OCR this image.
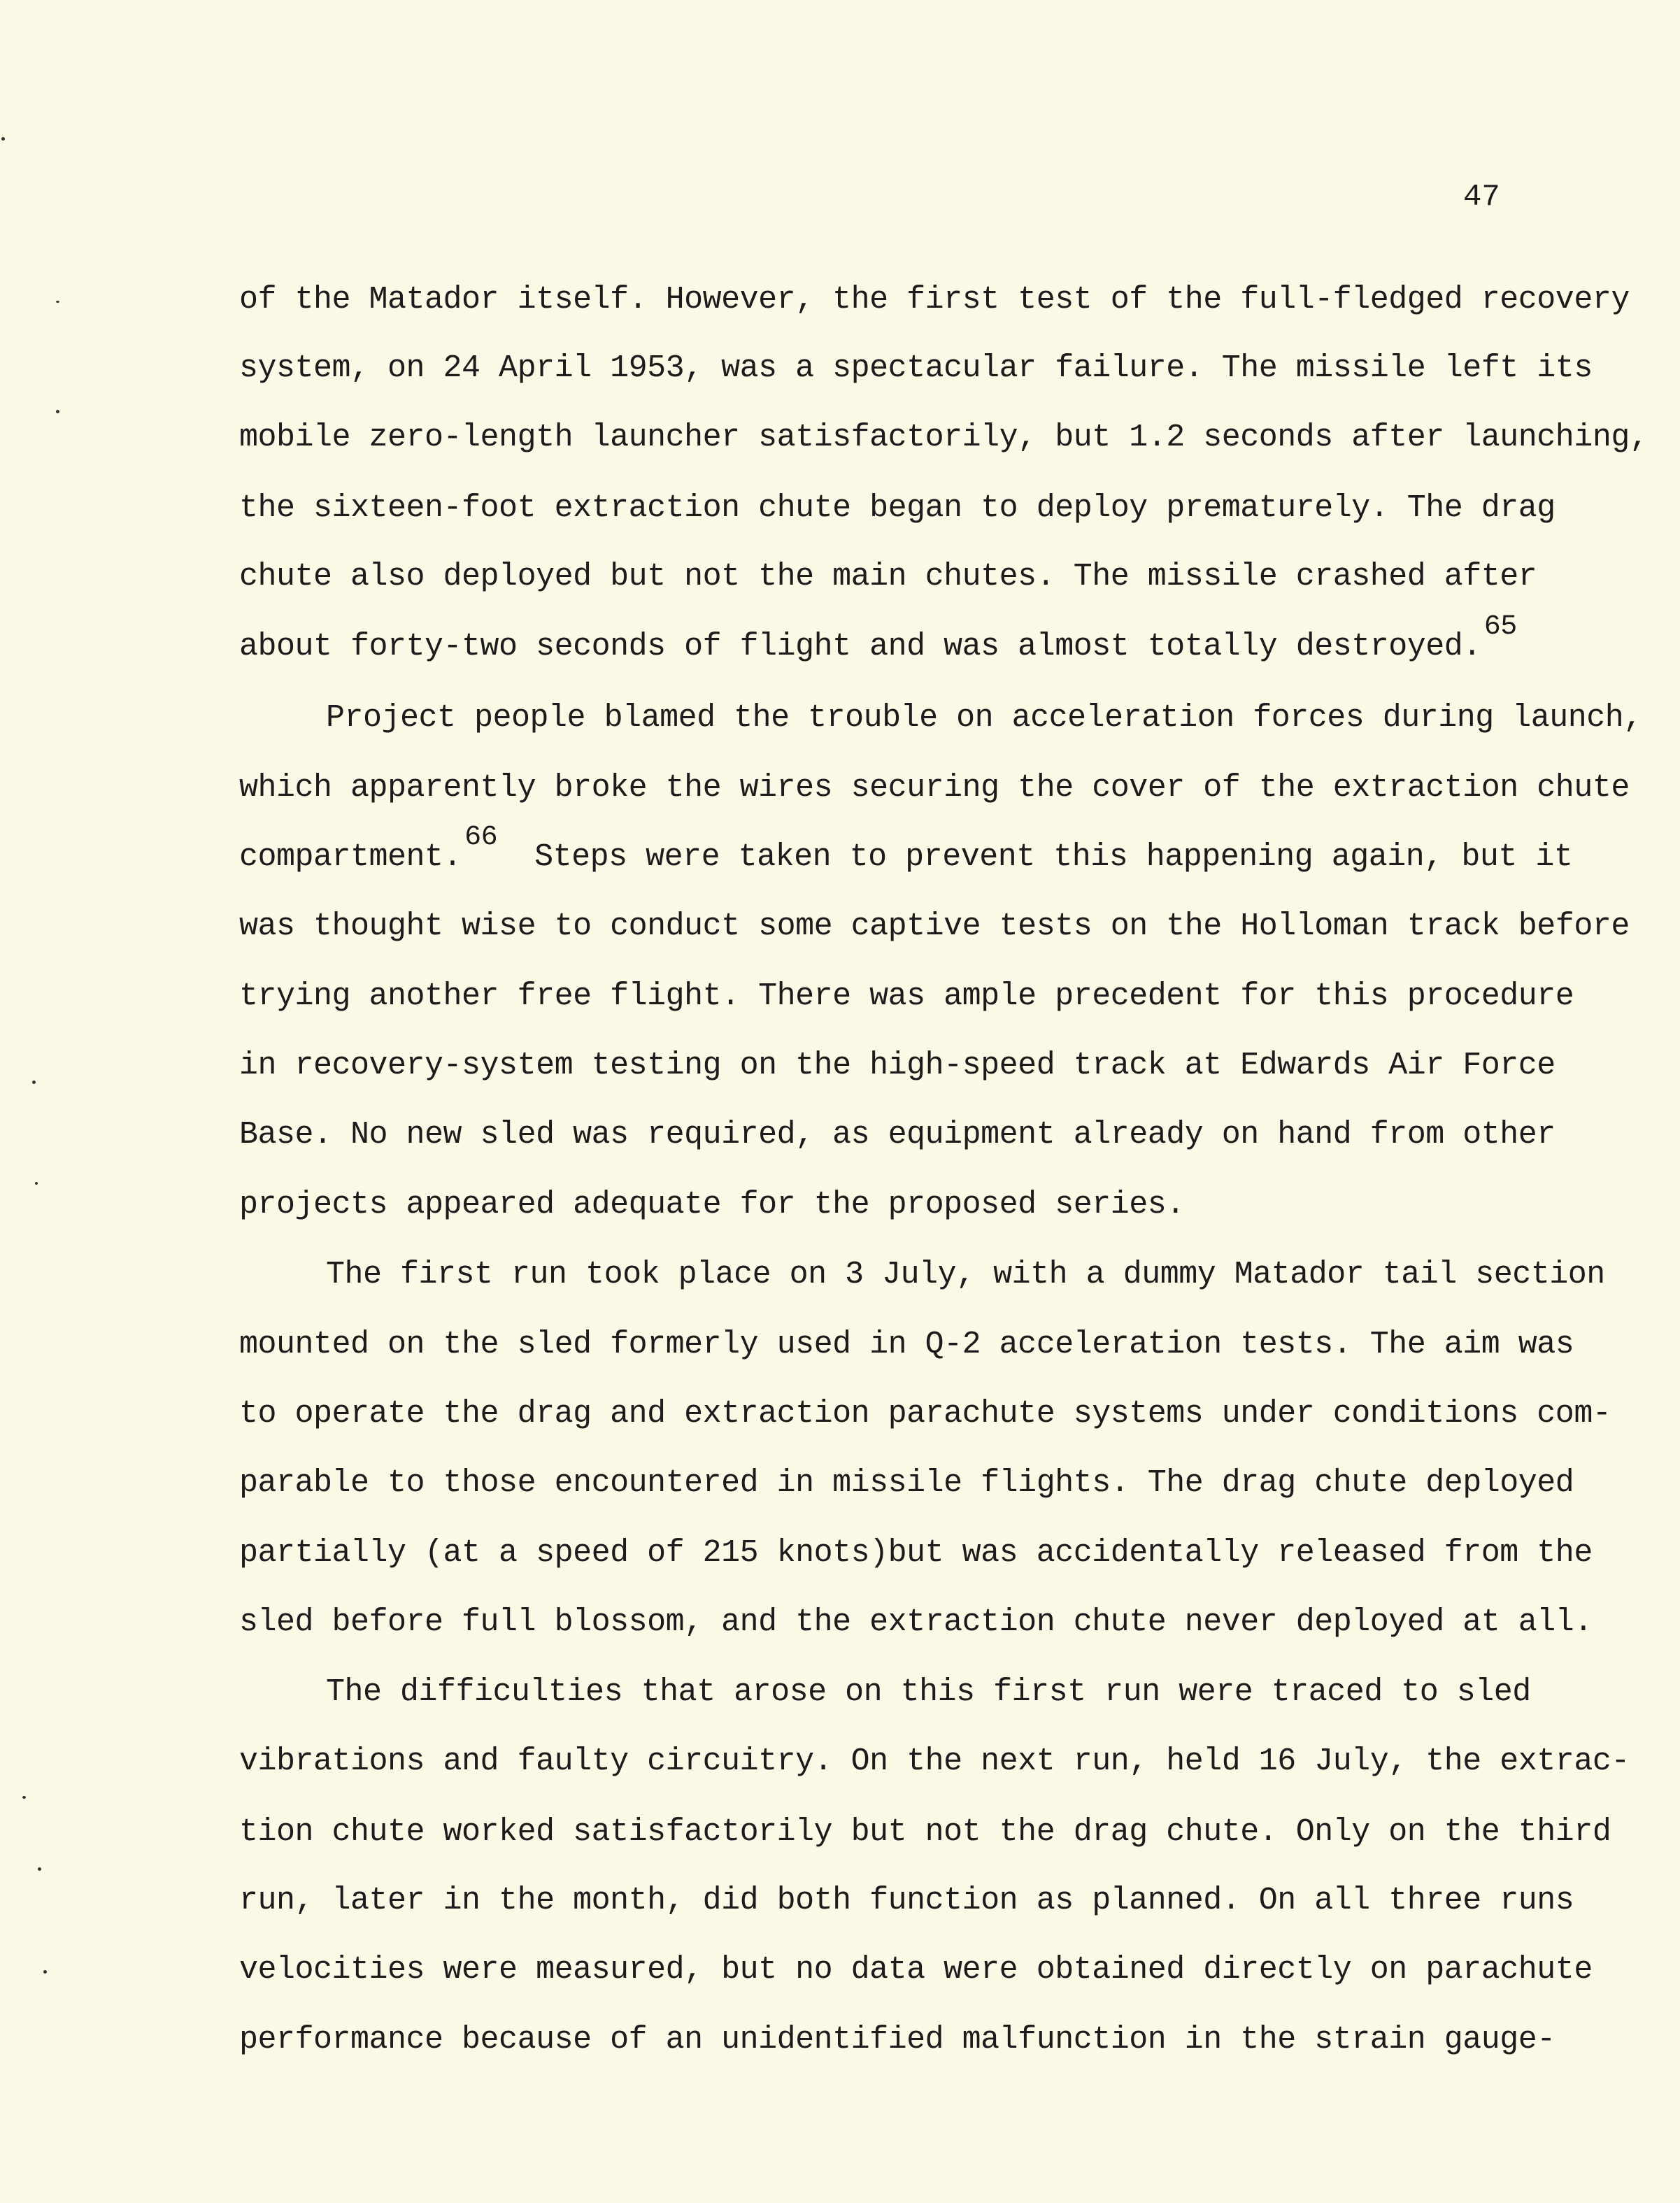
47
of the Matador itself. However, the first test of the full-fledged recovery
system, on 24 April 1953, was a spectacular failure. The missile left its
mobile zero-length launcher satisfactorily, but 1.2 seconds after launching,
the sixteen-foot extraction chute began to deploy prematurely. The drag
chute also deployed but not the main chutes. The missile crashed after
about forty-two seconds of flight and was almost totally destroyed.65
Project people blamed the trouble on acceleration forces during launch,
which apparently broke the wires securing the cover of the extraction chute
compartment.66  Steps were taken to prevent this happening again, but it
was thought wise to conduct some captive tests on the Holloman track before
trying another free flight. There was ample precedent for this procedure
in recovery-system testing on the high-speed track at Edwards Air Force
Base. No new sled was required, as equipment already on hand from other
projects appeared adequate for the proposed series.
The first run took place on 3 July, with a dummy Matador tail section
mounted on the sled formerly used in Q-2 acceleration tests. The aim was
to operate the drag and extraction parachute systems under conditions com-
parable to those encountered in missile flights. The drag chute deployed
partially (at a speed of 215 knots)but was accidentally released from the
sled before full blossom, and the extraction chute never deployed at all.
The difficulties that arose on this first run were traced to sled
vibrations and faulty circuitry. On the next run, held 16 July, the extrac-
tion chute worked satisfactorily but not the drag chute. Only on the third
run, later in the month, did both function as planned. On all three runs
velocities were measured, but no data were obtained directly on parachute
performance because of an unidentified malfunction in the strain gauge-
